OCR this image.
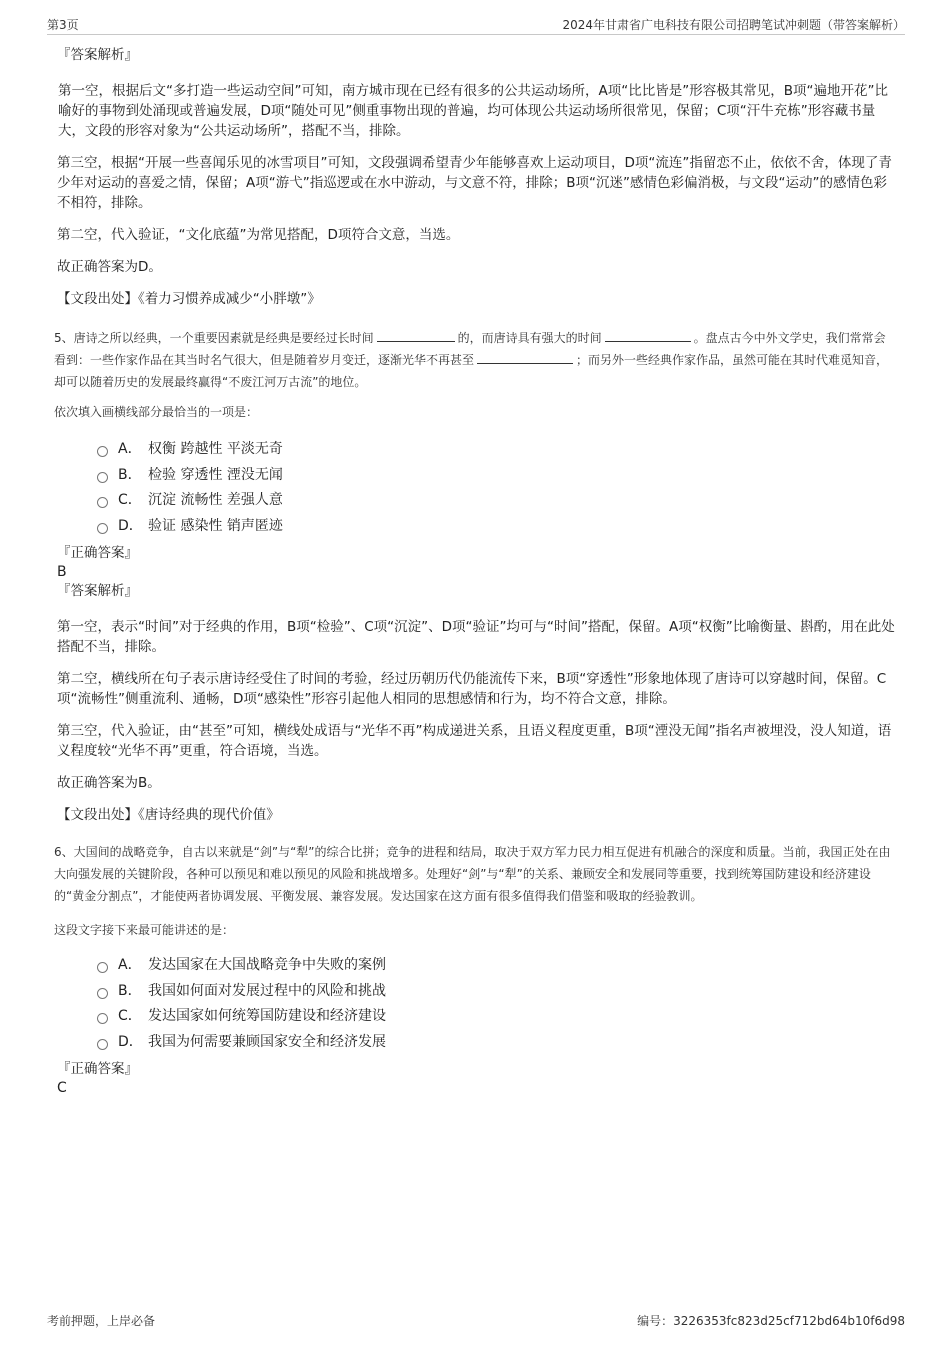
第3页	2024年甘肃省广电科技有限公司招聘笔试冲刺题（带答案解析）

『答案解析』

第一空，根据后文“多打造一些运动空间”可知，南方城市现在已经有很多的公共运动场所，A项“比比皆是”形容极其常见，B项“遍地开花”比喻好的事物到处涌现或普遍发展，D项“随处可见”侧重事物出现的普遍，均可体现公共运动场所很常见，保留；C项“汗牛充栋”形容藏书量大，文段的形容对象为“公共运动场所”，搭配不当，排除。

第三空，根据“开展一些喜闻乐见的冰雪项目”可知，文段强调希望青少年能够喜欢上运动项目，D项“流连”指留恋不止，依依不舍，体现了青少年对运动的喜爱之情，保留；A项“游弋”指巡逻或在水中游动，与文意不符，排除；B项“沉迷”感情色彩偏消极，与文段“运动”的感情色彩不相符，排除。

第二空，代入验证，“文化底蕴”为常见搭配，D项符合文意，当选。

故正确答案为D。

【文段出处】《着力习惯养成减少“小胖墩”》

5、唐诗之所以经典，一个重要因素就是经典是要经过长时间	的，而唐诗具有强大的时间	。盘点古今中外文学史，我们常常会看到：一些作家作品在其当时名气很大，但是随着岁月变迁，逐渐光华不再甚至	；而另外一些经典作家作品，虽然可能在其时代难觅知音，却可以随着历史的发展最终赢得“不废江河万古流”的地位。

依次填入画横线部分最恰当的一项是：

A． 权衡 跨越性 平淡无奇
B． 检验 穿透性 湮没无闻
C． 沉淀 流畅性 差强人意
D． 验证 感染性 销声匿迹

『正确答案』

B

『答案解析』

第一空，表示“时间”对于经典的作用，B项“检验”、C项“沉淀”、D项“验证”均可与“时间”搭配，保留。A项“权衡”比喻衡量、斟酌，用在此处搭配不当，排除。

第二空，横线所在句子表示唐诗经受住了时间的考验，经过历朝历代仍能流传下来，B项“穿透性”形象地体现了唐诗可以穿越时间，保留。C项“流畅性”侧重流利、通畅，D项“感染性”形容引起他人相同的思想感情和行为，均不符合文意，排除。

第三空，代入验证，由“甚至”可知，横线处成语与“光华不再”构成递进关系，且语义程度更重，B项“湮没无闻”指名声被埋没，没人知道，语义程度较“光华不再”更重，符合语境，当选。

故正确答案为B。

【文段出处】《唐诗经典的现代价值》

6、大国间的战略竞争，自古以来就是“剑”与“犁”的综合比拼；竞争的进程和结局，取决于双方军力民力相互促进有机融合的深度和质量。当前，我国正处在由大向强发展的关键阶段，各种可以预见和难以预见的风险和挑战增多。处理好“剑”与“犁”的关系、兼顾安全和发展同等重要，找到统筹国防建设和经济建设的“黄金分割点”，才能使两者协调发展、平衡发展、兼容发展。发达国家在这方面有很多值得我们借鉴和吸取的经验教训。

这段文字接下来最可能讲述的是：

A． 发达国家在大国战略竞争中失败的案例
B． 我国如何面对发展过程中的风险和挑战
C． 发达国家如何统筹国防建设和经济建设
D． 我国为何需要兼顾国家安全和经济发展

『正确答案』

C

考前押题，上岸必备	编号：3226353fc823d25cf712bd64b10f6d98
